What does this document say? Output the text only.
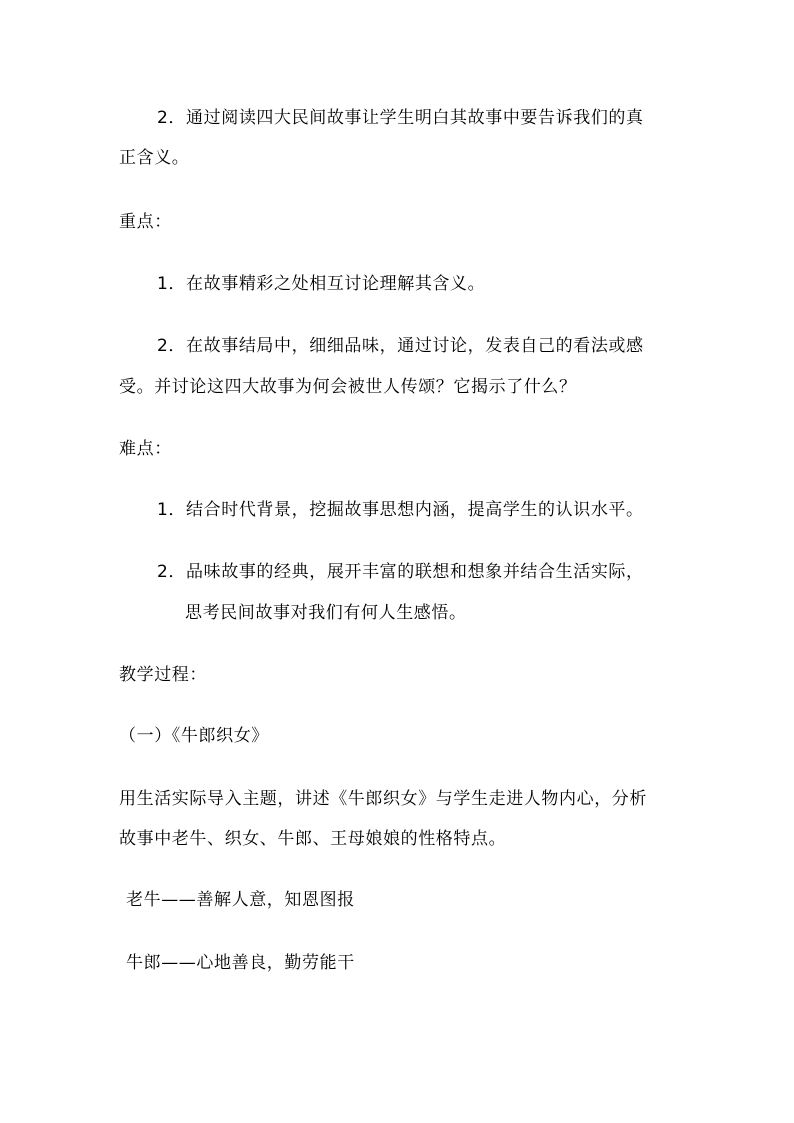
2．通过阅读四大民间故事让学生明白其故事中要告诉我们的真
正含义。
重点：
1．在故事精彩之处相互讨论理解其含义。
2．在故事结局中，细细品味，通过讨论，发表自己的看法或感
受。并讨论这四大故事为何会被世人传颂？它揭示了什么？
难点：
1．结合时代背景，挖掘故事思想内涵，提高学生的认识水平。
2．品味故事的经典，展开丰富的联想和想象并结合生活实际，
思考民间故事对我们有何人生感悟。
教学过程：
（一）《牛郎织女》
用生活实际导入主题，讲述《牛郎织女》与学生走进人物内心，分析
故事中老牛、织女、牛郎、王母娘娘的性格特点。
老牛——善解人意，知恩图报
牛郎——心地善良，勤劳能干
